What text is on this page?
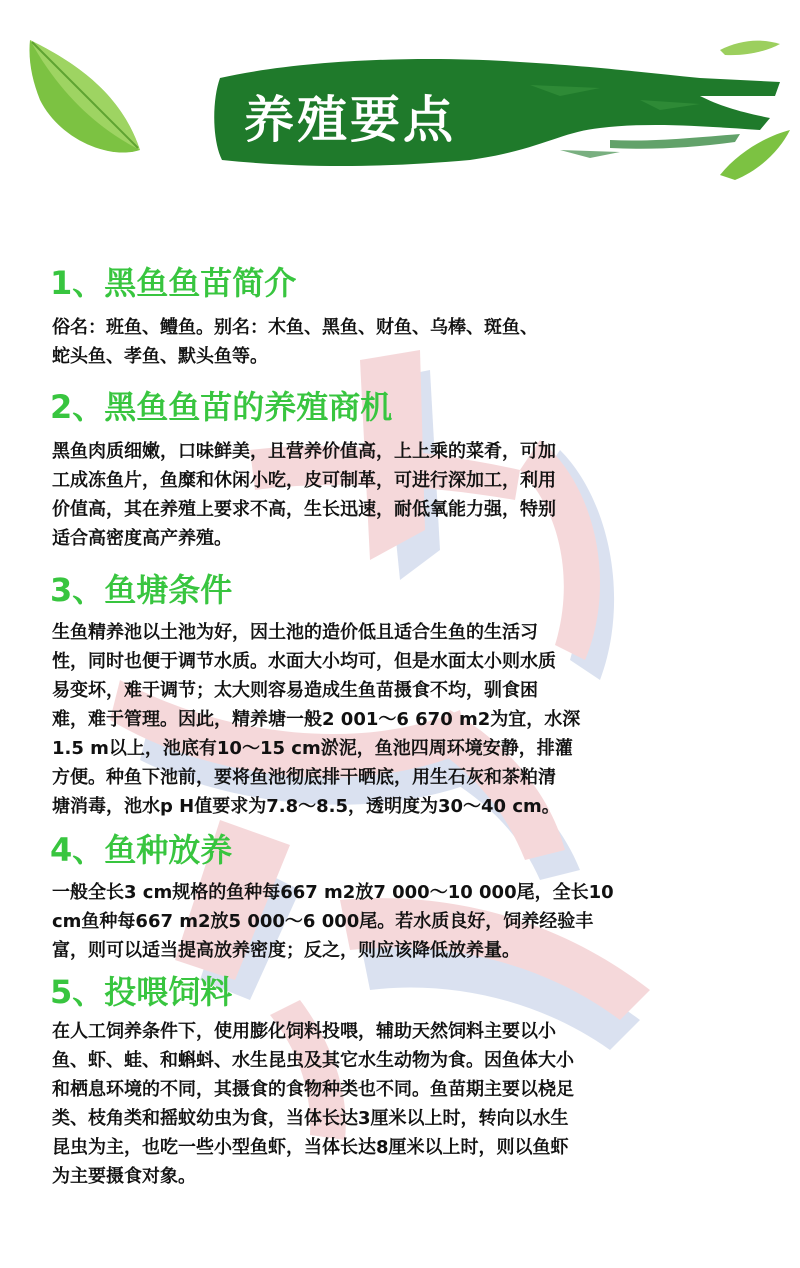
养殖要点
1、黑鱼鱼苗简介
俗名：班鱼、鳢鱼。别名：木鱼、黑鱼、财鱼、乌棒、斑鱼、
蛇头鱼、孝鱼、默头鱼等。
2、黑鱼鱼苗的养殖商机
黑鱼肉质细嫩，口味鲜美，且营养价值高，上上乘的菜肴，可加
工成冻鱼片，鱼糜和休闲小吃，皮可制革，可进行深加工，利用
价值高，其在养殖上要求不高，生长迅速，耐低氧能力强，特别
适合高密度高产养殖。
3、鱼塘条件
生鱼精养池以土池为好，因土池的造价低且适合生鱼的生活习
性，同时也便于调节水质。水面大小均可，但是水面太小则水质
易变坏，难于调节；太大则容易造成生鱼苗摄食不均，驯食困
难，难于管理。因此，精养塘一般2 001～6 670 m2为宜，水深
1.5 m以上，池底有10～15 cm淤泥，鱼池四周环境安静，排灌
方便。种鱼下池前，要将鱼池彻底排干晒底，用生石灰和茶粕清
塘消毒，池水p H值要求为7.8～8.5，透明度为30～40 cm。
4、鱼种放养
一般全长3 cm规格的鱼种每667 m2放7 000～10 000尾，全长10
cm鱼种每667 m2放5 000～6 000尾。若水质良好，饲养经验丰
富，则可以适当提高放养密度；反之，则应该降低放养量。
5、投喂饲料
在人工饲养条件下，使用膨化饲料投喂，辅助天然饲料主要以小
鱼、虾、蛙、和蝌蚪、水生昆虫及其它水生动物为食。因鱼体大小
和栖息环境的不同，其摄食的食物种类也不同。鱼苗期主要以桡足
类、枝角类和摇蚊幼虫为食，当体长达3厘米以上时，转向以水生
昆虫为主，也吃一些小型鱼虾，当体长达8厘米以上时，则以鱼虾
为主要摄食对象。
